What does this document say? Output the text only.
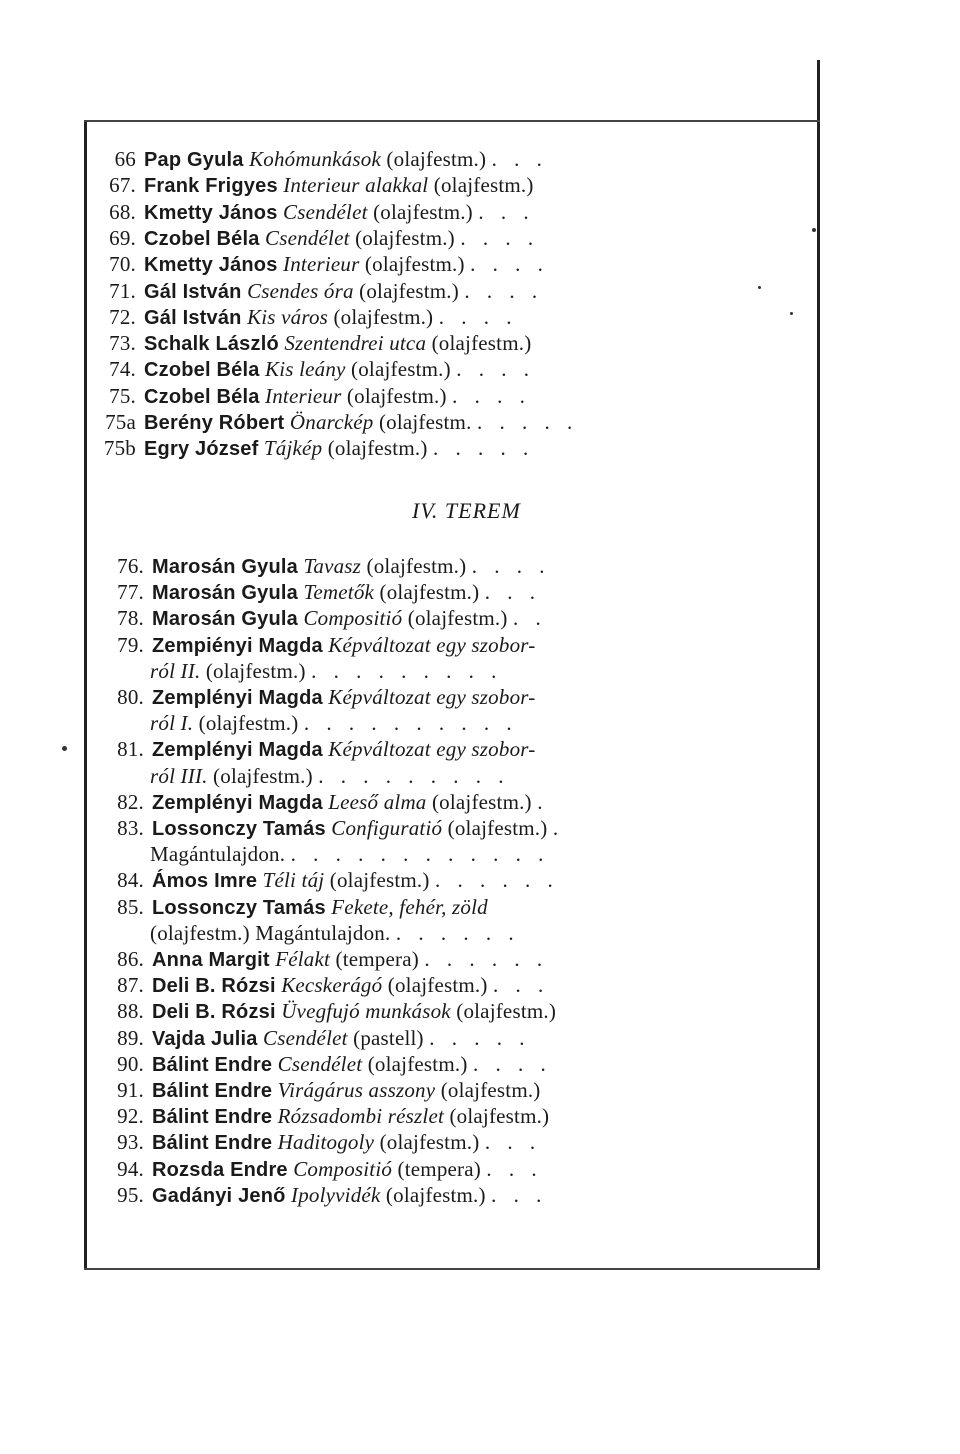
66 Pap Gyula Kohómunkások (olajfestm.) . . .
67. Frank Frigyes Interieur alakkal (olajfestm.)
68. Kmetty János Csendélet (olajfestm.) . . .
69. Czobel Béla Csendélet (olajfestm.) . . . .
70. Kmetty János Interieur (olajfestm.) . . . .
71. Gál István Csendes óra (olajfestm.) . . . .
72. Gál István Kis város (olajfestm.) . . . .
73. Schalk László Szentendrei utca (olajfestm.)
74. Czobel Béla Kis leány (olajfestm.) . . . .
75. Czobel Béla Interieur (olajfestm.) . . . .
75a Berény Róbert Önarckép (olajfestm. . . . . .
75b Egry József Tájkép (olajfestm.) . . . . .
IV. TEREM
76. Marosán Gyula Tavasz (olajfestm.) . . . .
77. Marosán Gyula Temetők (olajfestm.) . . .
78. Marosán Gyula Compositió (olajfestm.) . .
79. Zempiényi Magda Képváltozat egy szobor-
ról II. (olajfestm.) . . . . . . . . .
80. Zemplényi Magda Képváltozat egy szobor-
ról I. (olajfestm.) . . . . . . . . . .
81. Zemplényi Magda Képváltozat egy szobor-
ról III. (olajfestm.) . . . . . . . . .
82. Zemplényi Magda Leeső alma (olajfestm.) .
83. Lossonczy Tamás Configuratió (olajfestm.) .
Magántulajdon. . . . . . . . . . . . .
84. Ámos Imre Téli táj (olajfestm.) . . . . . .
85. Lossonczy Tamás Fekete, fehér, zöld
(olajfestm.) Magántulajdon. . . . . . .
86. Anna Margit Félakt (tempera) . . . . . .
87. Deli B. Rózsi Kecskerágó (olajfestm.) . . .
88. Deli B. Rózsi Üvegfujó munkások (olajfestm.)
89. Vajda Julia Csendélet (pastell) . . . . .
90. Bálint Endre Csendélet (olajfestm.) . . . .
91. Bálint Endre Virágárus asszony (olajfestm.)
92. Bálint Endre Rózsadombi részlet (olajfestm.)
93. Bálint Endre Haditogoly (olajfestm.) . . .
94. Rozsda Endre Compositió (tempera) . . .
95. Gadányi Jenő Ipolyvidék (olajfestm.) . . .
